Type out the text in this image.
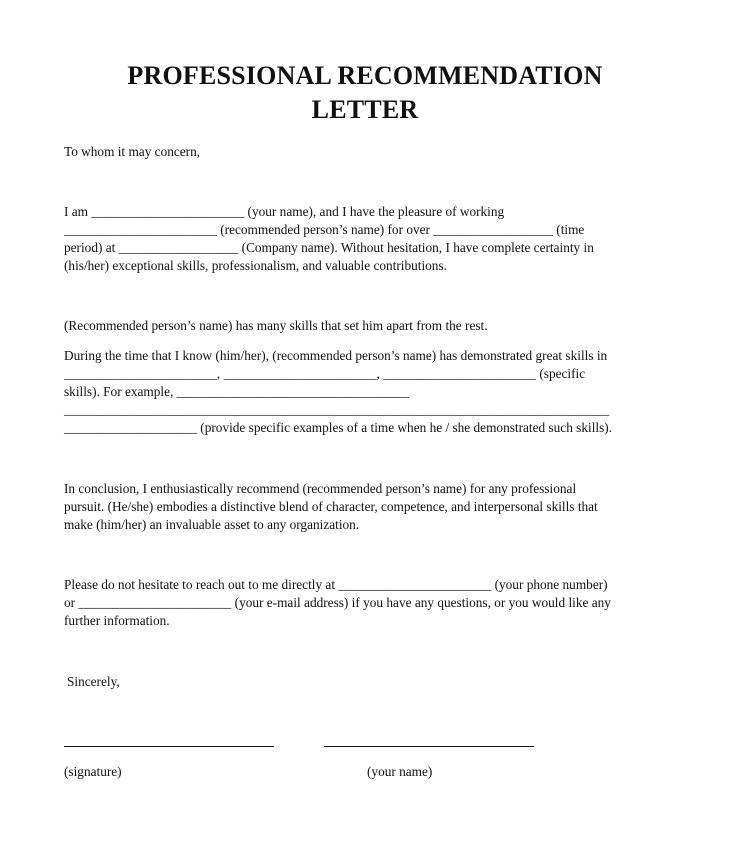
PROFESSIONAL RECOMMENDATION
LETTER
To whom it may concern,
I am _______________________ (your name), and I have the pleasure of working
_______________________ (recommended person’s name) for over __________________ (time
period) at __________________ (Company name). Without hesitation, I have complete certainty in
(his/her) exceptional skills, professionalism, and valuable contributions.
(Recommended person’s name) has many skills that set him apart from the rest.
During the time that I know (him/her), (recommended person’s name) has demonstrated great skills in
_______________________, _______________________, _______________________ (specific
skills). For example, ___________________________________
__________________________________________________________________________________
____________________ (provide specific examples of a time when he / she demonstrated such skills).
In conclusion, I enthusiastically recommend (recommended person’s name) for any professional
pursuit. (He/she) embodies a distinctive blend of character, competence, and interpersonal skills that
make (him/her) an invaluable asset to any organization.
Please do not hesitate to reach out to me directly at _______________________ (your phone number)
or _______________________ (your e-mail address) if you have any questions, or you would like any
further information.
Sincerely,
(signature)	(your name)
